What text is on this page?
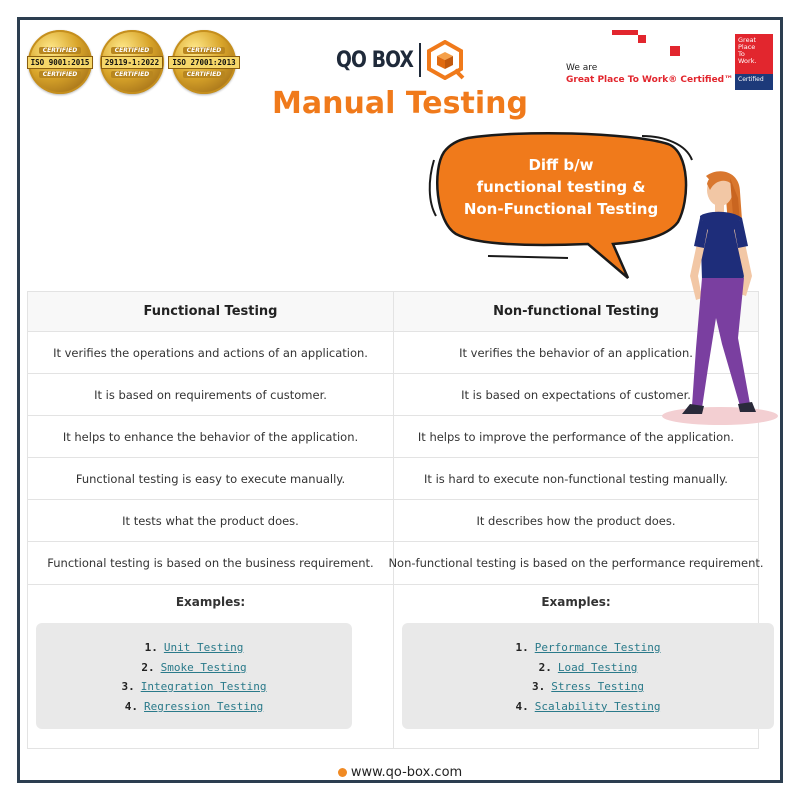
CERTIFIED
ISO 9001:2015
CERTIFIED
CERTIFIED
29119-1:2022
CERTIFIED
CERTIFIED
ISO 27001:2013
CERTIFIED
QO BOX
Manual Testing
We are
Great Place To Work® Certified™
Great
Place
To
Work.
Certified
Diff b/w
functional testing &
Non-Functional Testing
Functional Testing	Non-functional Testing
It verifies the operations and actions of an application.	It verifies the behavior of an application.
It is based on requirements of customer.	It is based on expectations of customer.
It helps to enhance the behavior of the application.	It helps to improve the performance of the application.
Functional testing is easy to execute manually.	It is hard to execute non-functional testing manually.
It tests what the product does.	It describes how the product does.
Functional testing is based on the business requirement.	Non-functional testing is based on the performance requirement.
Examples:
1. Unit Testing
2. Smoke Testing
3. Integration Testing
4. Regression Testing
Examples:
1. Performance Testing
2. Load Testing
3. Stress Testing
4. Scalability Testing
www.qo-box.com
